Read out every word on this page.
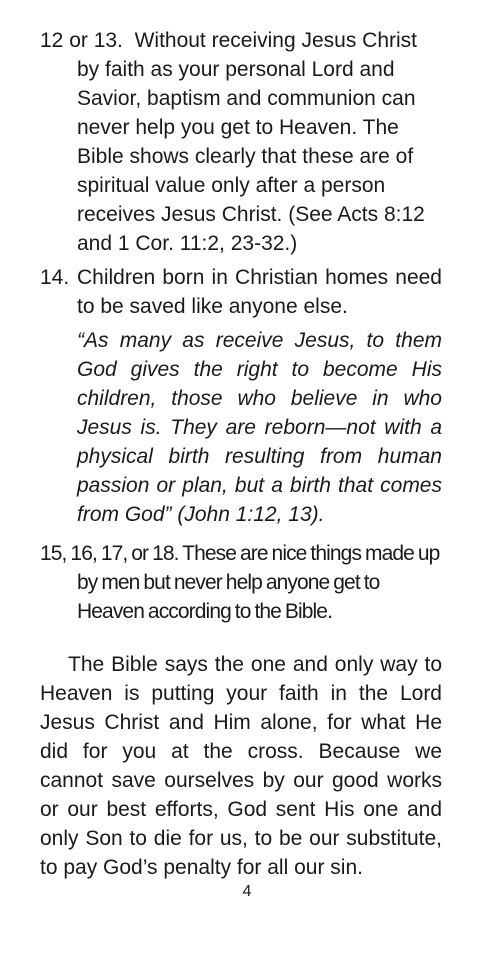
12 or 13. Without receiving Jesus Christ by faith as your personal Lord and Savior, baptism and communion can never help you get to Heaven. The Bible shows clearly that these are of spiritual value only after a person receives Jesus Christ. (See Acts 8:12 and 1 Cor. 11:2, 23-32.)
14. Children born in Christian homes need to be saved like anyone else.
“As many as receive Jesus, to them God gives the right to become His children, those who believe in who Jesus is. They are reborn—not with a physical birth resulting from human passion or plan, but a birth that comes from God” (John 1:12, 13).
15, 16, 17, or 18. These are nice things made up by men but never help anyone get to Heaven according to the Bible.
The Bible says the one and only way to Heaven is putting your faith in the Lord Jesus Christ and Him alone, for what He did for you at the cross. Because we cannot save ourselves by our good works or our best efforts, God sent His one and only Son to die for us, to be our substitute, to pay God’s penalty for all our sin.
4
